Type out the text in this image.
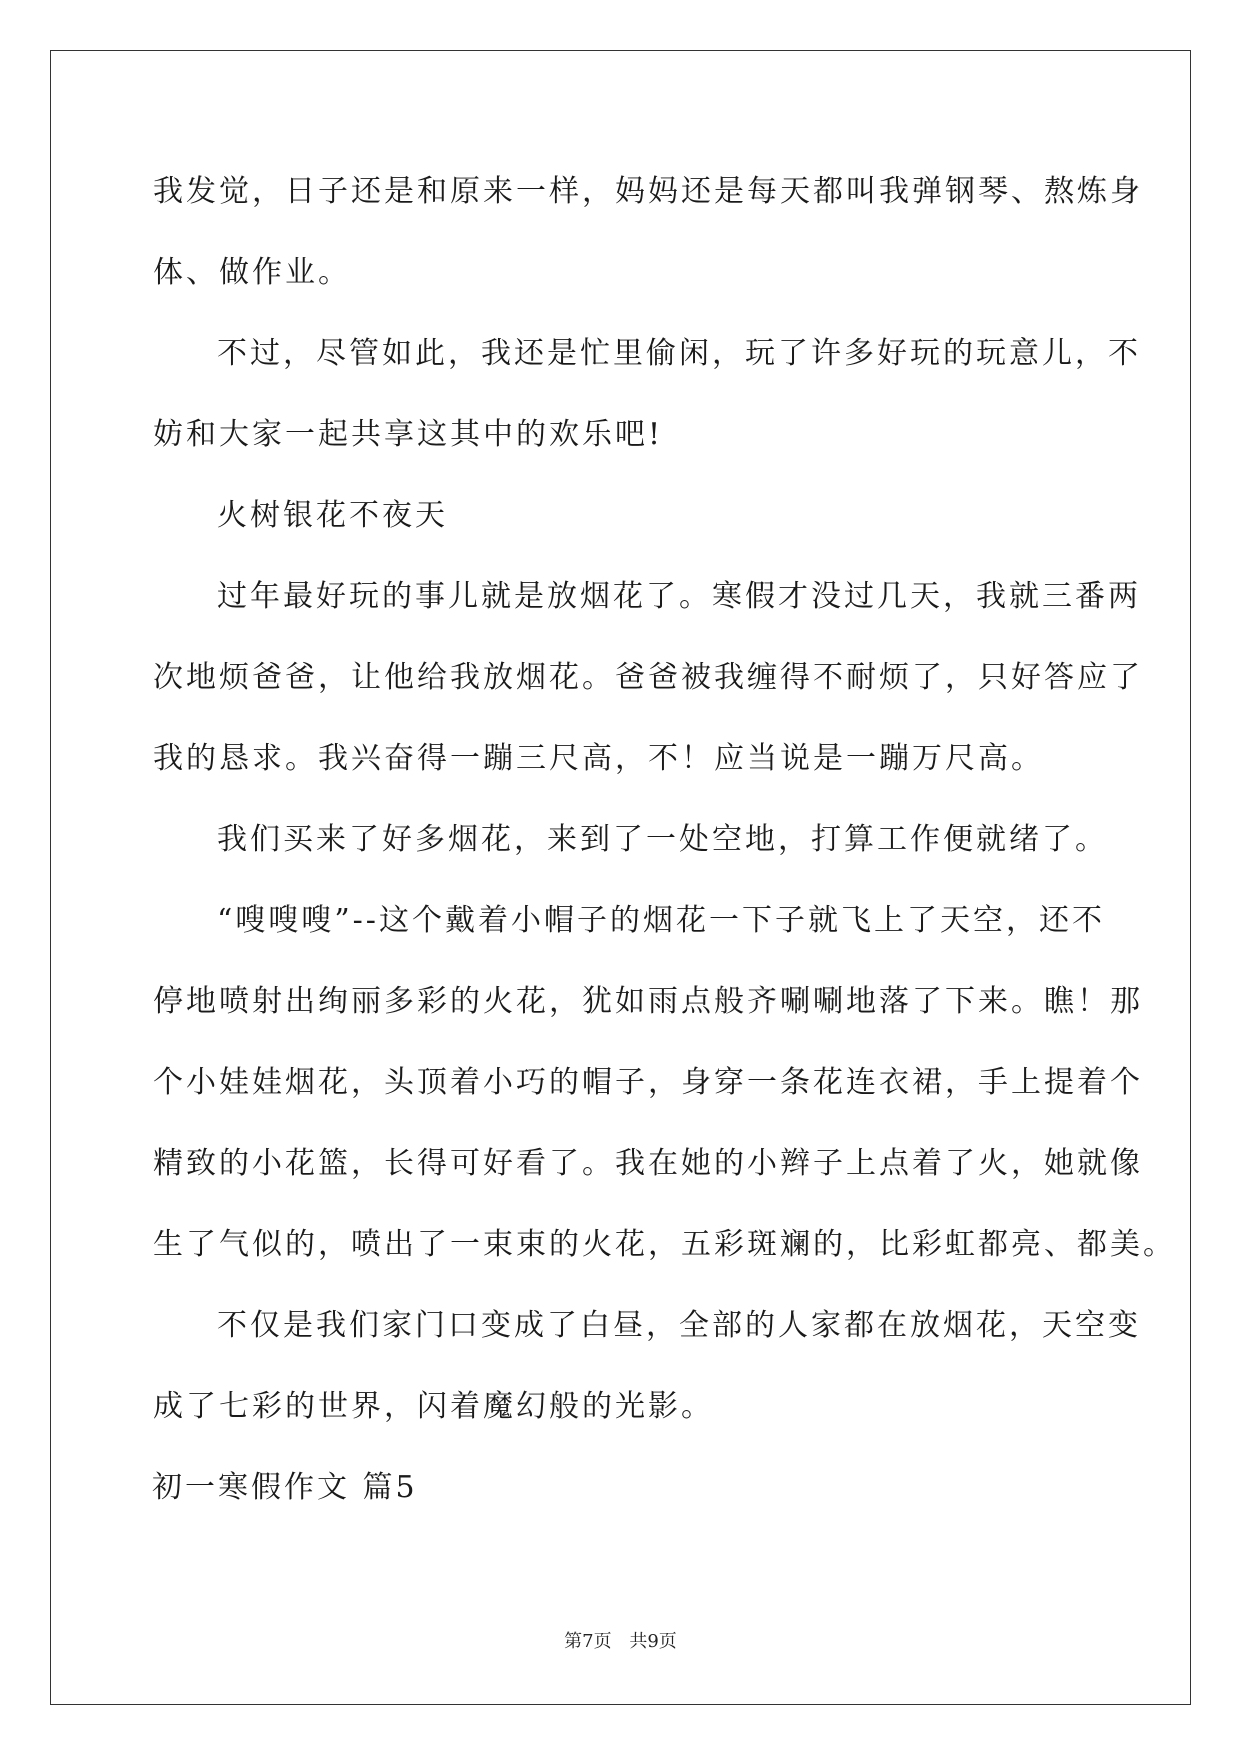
我发觉，日子还是和原来一样，妈妈还是每天都叫我弹钢琴、熬炼身
体、做作业。
不过，尽管如此，我还是忙里偷闲，玩了许多好玩的玩意儿，不
妨和大家一起共享这其中的欢乐吧!
火树银花不夜天
过年最好玩的事儿就是放烟花了。寒假才没过几天，我就三番两
次地烦爸爸，让他给我放烟花。爸爸被我缠得不耐烦了，只好答应了
我的恳求。我兴奋得一蹦三尺高，不！应当说是一蹦万尺高。
我们买来了好多烟花，来到了一处空地，打算工作便就绪了。
“嗖嗖嗖”--这个戴着小帽子的烟花一下子就飞上了天空，还不
停地喷射出绚丽多彩的火花，犹如雨点般齐唰唰地落了下来。瞧！那
个小娃娃烟花，头顶着小巧的帽子，身穿一条花连衣裙，手上提着个
精致的小花篮，长得可好看了。我在她的小辫子上点着了火，她就像
生了气似的，喷出了一束束的火花，五彩斑斓的，比彩虹都亮、都美。
不仅是我们家门口变成了白昼，全部的人家都在放烟花，天空变
成了七彩的世界，闪着魔幻般的光影。
初一寒假作文 篇5
第7页 共9页
